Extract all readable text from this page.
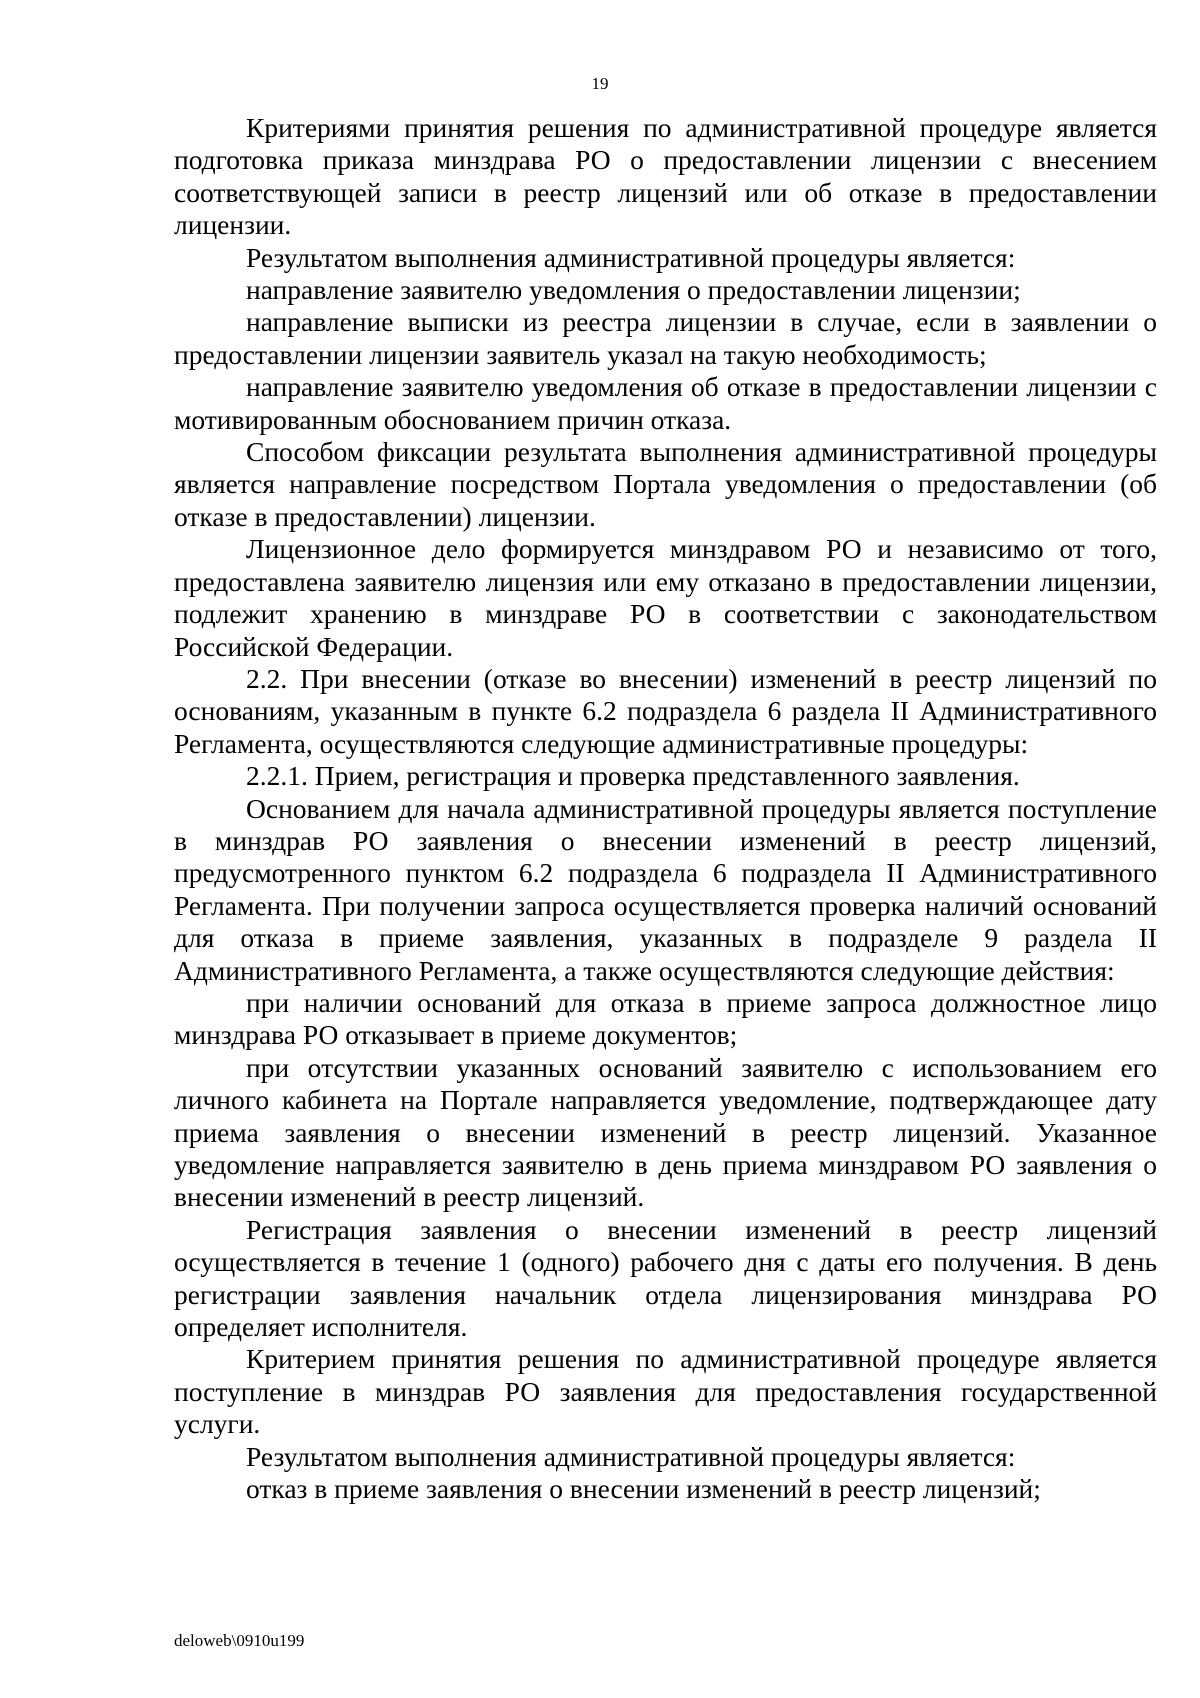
19

Критериями принятия решения по административной процедуре является подготовка приказа минздрава РО о предоставлении лицензии с внесением соответствующей записи в реестр лицензий или об отказе в предоставлении лицензии.

Результатом выполнения административной процедуры является:

направление заявителю уведомления о предоставлении лицензии;

направление выписки из реестра лицензии в случае, если в заявлении о предоставлении лицензии заявитель указал на такую необходимость;

направление заявителю уведомления об отказе в предоставлении лицензии с мотивированным обоснованием причин отказа.

Способом фиксации результата выполнения административной процедуры является направление посредством Портала уведомления о предоставлении (об отказе в предоставлении) лицензии.

Лицензионное дело формируется минздравом РО и независимо от того, предоставлена заявителю лицензия или ему отказано в предоставлении лицензии, подлежит хранению в минздраве РО в соответствии с законодательством Российской Федерации.

2.2. При внесении (отказе во внесении) изменений в реестр лицензий по основаниям, указанным в пункте 6.2 подраздела 6 раздела II Административного Регламента, осуществляются следующие административные процедуры:

2.2.1. Прием, регистрация и проверка представленного заявления.

Основанием для начала административной процедуры является поступление в минздрав РО заявления о внесении изменений в реестр лицензий, предусмотренного пунктом 6.2 подраздела 6 подраздела II Административного Регламента. При получении запроса осуществляется проверка наличий оснований для отказа в приеме заявления, указанных в подразделе 9 раздела II Административного Регламента, а также осуществляются следующие действия:

при наличии оснований для отказа в приеме запроса должностное лицо минздрава РО отказывает в приеме документов;

при отсутствии указанных оснований заявителю с использованием его личного кабинета на Портале направляется уведомление, подтверждающее дату приема заявления о внесении изменений в реестр лицензий. Указанное уведомление направляется заявителю в день приема минздравом РО заявления о внесении изменений в реестр лицензий.

Регистрация заявления о внесении изменений в реестр лицензий осуществляется в течение 1 (одного) рабочего дня с даты его получения. В день регистрации заявления начальник отдела лицензирования минздрава РО определяет исполнителя.

Критерием принятия решения по административной процедуре является поступление в минздрав РО заявления для предоставления государственной услуги.

Результатом выполнения административной процедуры является:

отказ в приеме заявления о внесении изменений в реестр лицензий;

deloweb\0910u199
